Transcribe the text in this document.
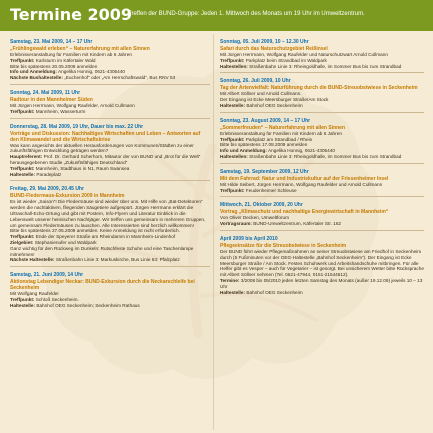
Termine 2009
Treffen der BUND-Gruppe: Jeden 1. Mittwoch des Monats um 19 Uhr im Umweltzentrum.
Samstag, 23. Mai 2009, 14 – 17 Uhr
„Frühlingswald erleben“ – Naturerfahrung mit allen Sinnen
Erlebnisveranstaltung für Familien mit Kindern ab 6 Jahren
Treffpunkt: Karlsturm im Käfertaler Wald
Bitte bis spätestens 20.05.2009 anmelden
Info und Anmeldung: Angelika Honnig, 0621-4305440
Nächste Bushaltestelle: „Euchenhof“ oder „Am Herrschaftswald“, Bus RNV 53
Sonntag, 24. Mai 2009, 11 Uhr
Radtour in den Mannheimer Süden
Mit Jürgen Herrmann, Wolfgang Raufelder, Arnold Cullmann
Treffpunkt: Mannheim, Wasserturm
Donnerstag, 28. Mai 2009, 19 Uhr, Dauer bis max. 22 Uhr
Vorträge und Diskussion: Nachhaltiges Wirtschaften und Leben – Antworten auf den Klimawandel und die Wirtschaftskrise
Was kann angesichts der aktuellen Herausforderungen von Kommunen/Städten zu einer zukunftsfähigen Entwicklung getragen werden?
Hauptreferent: Prof. Dr. Gerhard Scherhorn, Mitautor der von BUND und „Brot für die Welt“ herausgegebenen Studie „Zukunftsfähiges Deutschland“
Treffpunkt: Mannheim, Stadthaus in N1, Raum Swansea
Haltestelle: Paradeplatz
Freitag, 29. Mai 2009, 20.45 Uhr
BUND-Fledermaus-Exkursion 2009 in Mannheim
Es ist wieder „Saison“! Die Fledermäuse sind wieder über uns. Mit Hilfe von „Bat-Detektoren“ werden die nachtaktiven, fliegenden Säugetiere aufgespürt. Jürgen Herrmann erklärt die Ultraschall-Echo-Ortung und gibt mit Postern, Info-Flyern und Literatur Einblick in die Lebenswelt unserer heimischen Nachtjäger. Wir treffen uns gemeinsam in mehreren Gruppen, um gemeinsam Fledermäusen zu lauschen. Alle Interessierten sind herzlich willkommen!
Bitte bis spätestens 27.05.2009 anmelden. Keine Anmeldung ist nicht erforderlich.
Treffpunkt: Ende der Speyerer Straße am Rheindamm in Mannheim-Lindenhof
Zielgebiet: Stephanienufer und Waldpark
Ganz wichtig für den Rückweg im Dunkeln: Rutschfeste Schuhe und eine Taschenlampe mitnehmen!
Nächste Haltestelle: Straßenbahn Linie 3: Markuskirche, Bus Linie 63: Pfalzplatz
Samstag, 21. Juni 2009, 14 Uhr
Aktionstag Lebendiger Neckar: BUND-Exkursion durch die Neckarschleife bei Seckenheim
Mit Wolfgang Raufelder
Treffpunkt: Schloß Seckenheim.
Haltestelle: Bahnhof OEG Seckenheim; Seckenheim Rathaus
Sonntag, 05. Juli 2009, 10 – 12.30 Uhr
Safari durch das Naturschutzgebiet Reißinsel
Mit Jürgen Herrmann, Wolfgang Raufelder und Naturschutzwart Arnold Cullmann
Treffpunkt: Parkplatz beim Strandbad im Waldpark
Haltestellen: Straßenbahn Linie 3: Rheingoldhalle, im Sommer Bus bis zum Strandbad
Sonntag, 26. Juli 2009, 10 Uhr
Tag der Artenvielfalt: Naturführung durch die BUND-Streuobstwiese in Seckenheim
Mit Albert Söllner und Arnold Cullmann.
Der Eingang ist Ecke Meersburger Straße/Am Stock
Haltestelle: Bahnhof OEG Seckenheim
Sonntag, 23. August 2009, 14 – 17 Uhr
„Sommerfreuden“ – Naturerfahrung mit allen Sinnen
Erlebnisveranstaltung für Familien mit Kindern ab 6 Jahren
Treffpunkt: Parkplatz am Strandbad / Rhein
Bitte bis spätestens 17.08.2009 anmelden
Info und Anmeldung: Angelika Honnig, 0621-4305440
Haltestellen: Straßenbahn Linie 3: Rheingoldhalle, im Sommer Bus bis zum Strandbad
Samstag, 19. September 2009, 12 Uhr
Mit dem Fahrrad: Natur und Industriekultur auf der Friesenheimer Insel
Mit Hilde Seibert, Jürgen Herrmann, Wolfgang Raufelder und Arnold Cullmann
Treffpunkt: Feudenheimer Schleuse
Mittwoch, 21. Oktober 2009, 20 Uhr
Vortrag „Klimaschutz und nachhaltige Energiewirtschaft in Mannheim“
Von Oliver Decken, Umweltforum
Vortragsraum: BUND-Umweltzentrum, Käfertaler Str. 162
April 2009 bis April 2010
Pflegeeinsätze für die Streuobstwiese in Seckenheim
Der BUND führt wieder Pflegemaßnahmen an seiner Streuobstwiese am Friedhof in Seckenheim durch (5 Fußminuten vor der OEG-Haltestelle „Bahnhof Seckenheim“). Der Eingang ist Ecke Meersburger Straße / Am Stock. Festes Schuhwerk und Arbeitshandschuhe mitbringen. Für alle Helfer gibt es Vesper – auch für Vegetarier – ist gesorgt. Bei unsicherem Wetter bitte Rücksprache mit Albert Söllner nehmen (Tel. 0621-47944, 0151-21544612).
Termine: 3/2008 bis 05/2010 jeden letzten Samstag des Monats (außer 19.12.09) jeweils 10 – 13 Uhr
Haltestelle: Bahnhof OEG Seckenheim
